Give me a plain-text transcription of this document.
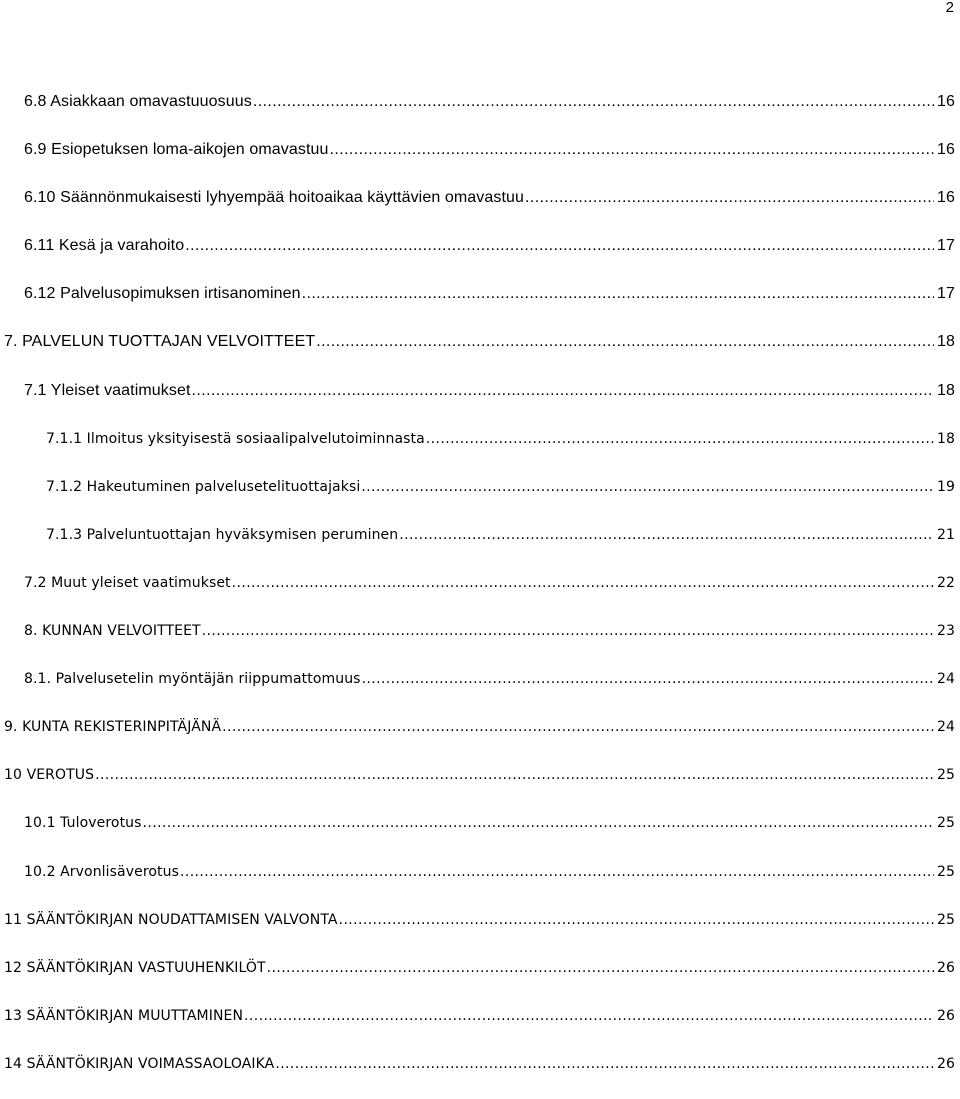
2
6.8 Asiakkaan omavastuuosuus .....	16
6.9 Esiopetuksen loma-aikojen omavastuu .....	16
6.10 Säännönmukaisesti lyhyempää hoitoaikaa käyttävien omavastuu .....	16
6.11 Kesä ja varahoito .....	17
6.12 Palvelusopimuksen irtisanominen .....	17
7. PALVELUN TUOTTAJAN VELVOITTEET .....	18
7.1 Yleiset vaatimukset .....	18
7.1.1 Ilmoitus yksityisestä sosiaalipalvelutoiminnasta .....	18
7.1.2 Hakeutuminen palvelusetelituottajaksi .....	19
7.1.3 Palveluntuottajan hyväksymisen peruminen .....	21
7.2 Muut yleiset vaatimukset .....	22
8. KUNNAN VELVOITTEET .....	23
8.1. Palvelusetelin myöntäjän riippumattomuus .....	24
9. KUNTA REKISTERINPITÄJÄNÄ .....	24
10 VEROTUS .....	25
10.1 Tuloverotus .....	25
10.2 Arvonlisäverotus .....	25
11 SÄÄNTÖKIRJAN NOUDATTAMISEN VALVONTA .....	25
12 SÄÄNTÖKIRJAN VASTUUHENKILÖT .....	26
13 SÄÄNTÖKIRJAN MUUTTAMINEN .....	26
14 SÄÄNTÖKIRJAN VOIMASSAOLOAIKA .....	26
